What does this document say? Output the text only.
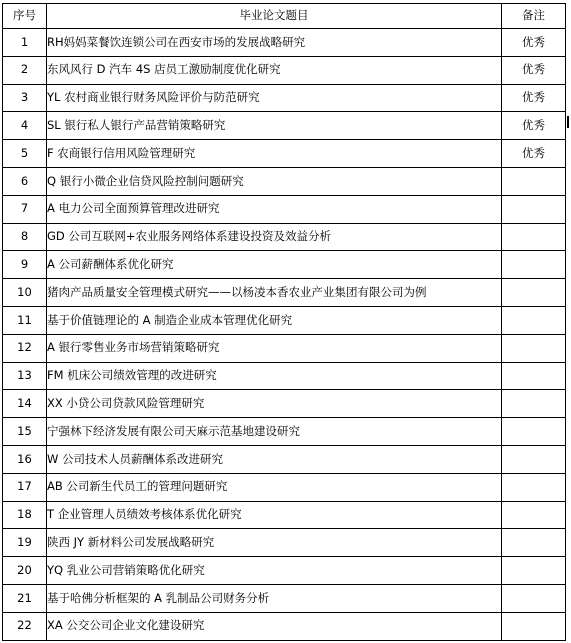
序号	毕业论文题目	备注
1	RH妈妈菜餐饮连锁公司在西安市场的发展战略研究	优秀
2	东风风行 D 汽车 4S 店员工激励制度优化研究	优秀
3	YL 农村商业银行财务风险评价与防范研究	优秀
4	SL 银行私人银行产品营销策略研究	优秀
5	F 农商银行信用风险管理研究	优秀
6	Q 银行小微企业信贷风险控制问题研究	
7	A 电力公司全面预算管理改进研究	
8	GD 公司互联网+农业服务网络体系建设投资及效益分析	
9	A 公司薪酬体系优化研究	
10	猪肉产品质量安全管理模式研究——以杨凌本香农业产业集团有限公司为例	
11	基于价值链理论的 A 制造企业成本管理优化研究	
12	A 银行零售业务市场营销策略研究	
13	FM 机床公司绩效管理的改进研究	
14	XX 小贷公司贷款风险管理研究	
15	宁强林下经济发展有限公司天麻示范基地建设研究	
16	W 公司技术人员薪酬体系改进研究	
17	AB 公司新生代员工的管理问题研究	
18	T 企业管理人员绩效考核体系优化研究	
19	陕西 JY 新材料公司发展战略研究	
20	YQ 乳业公司营销策略优化研究	
21	基于哈佛分析框架的 A 乳制品公司财务分析	
22	XA 公交公司企业文化建设研究	
